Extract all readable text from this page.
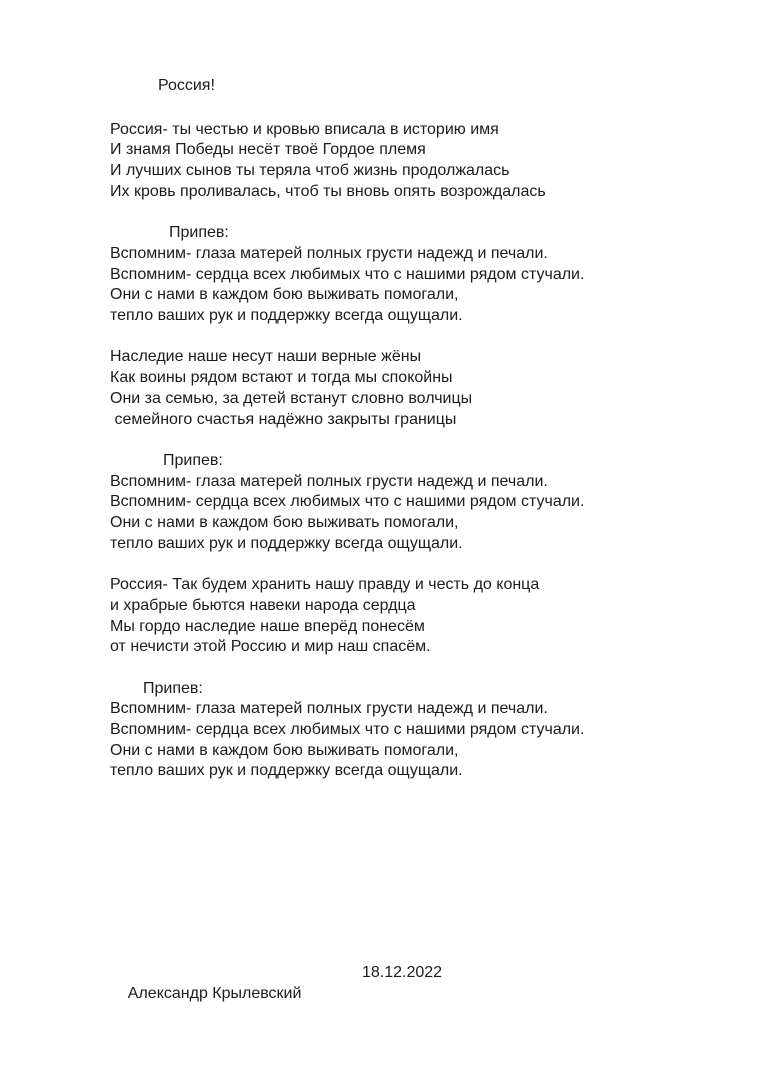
Россия!
Россия- ты честью и кровью вписала в историю имя
И знамя Победы несёт твоё Гордое племя
И лучших сынов ты теряла чтоб жизнь продолжалась
Их кровь проливалась, чтоб ты вновь опять возрождалась
Припев:
Вспомним- глаза матерей полных грусти надежд и печали.
Вспомним- сердца всех любимых что с нашими рядом стучали.
Они с нами в каждом бою выживать помогали,
тепло ваших рук и поддержку всегда ощущали.
Наследие наше несут наши верные жёны
Как воины рядом встают и тогда мы спокойны
Они за семью, за детей встанут словно волчицы
семейного счастья надёжно закрыты границы
Припев:
Вспомним- глаза матерей полных грусти надежд и печали.
Вспомним- сердца всех любимых что с нашими рядом стучали.
Они с нами в каждом бою выживать помогали,
тепло ваших рук и поддержку всегда ощущали.
Россия- Так будем хранить нашу правду и честь до конца
и храбрые бьются навеки народа сердца
Мы гордо наследие наше вперёд понесём
от нечисти этой Россию и мир наш спасём.
Припев:
Вспомним- глаза матерей полных грусти надежд и печали.
Вспомним- сердца всех любимых что с нашими рядом стучали.
Они с нами в каждом бою выживать помогали,
тепло ваших рук и поддержку всегда ощущали.

Александр Крылевский

18.12.2022
